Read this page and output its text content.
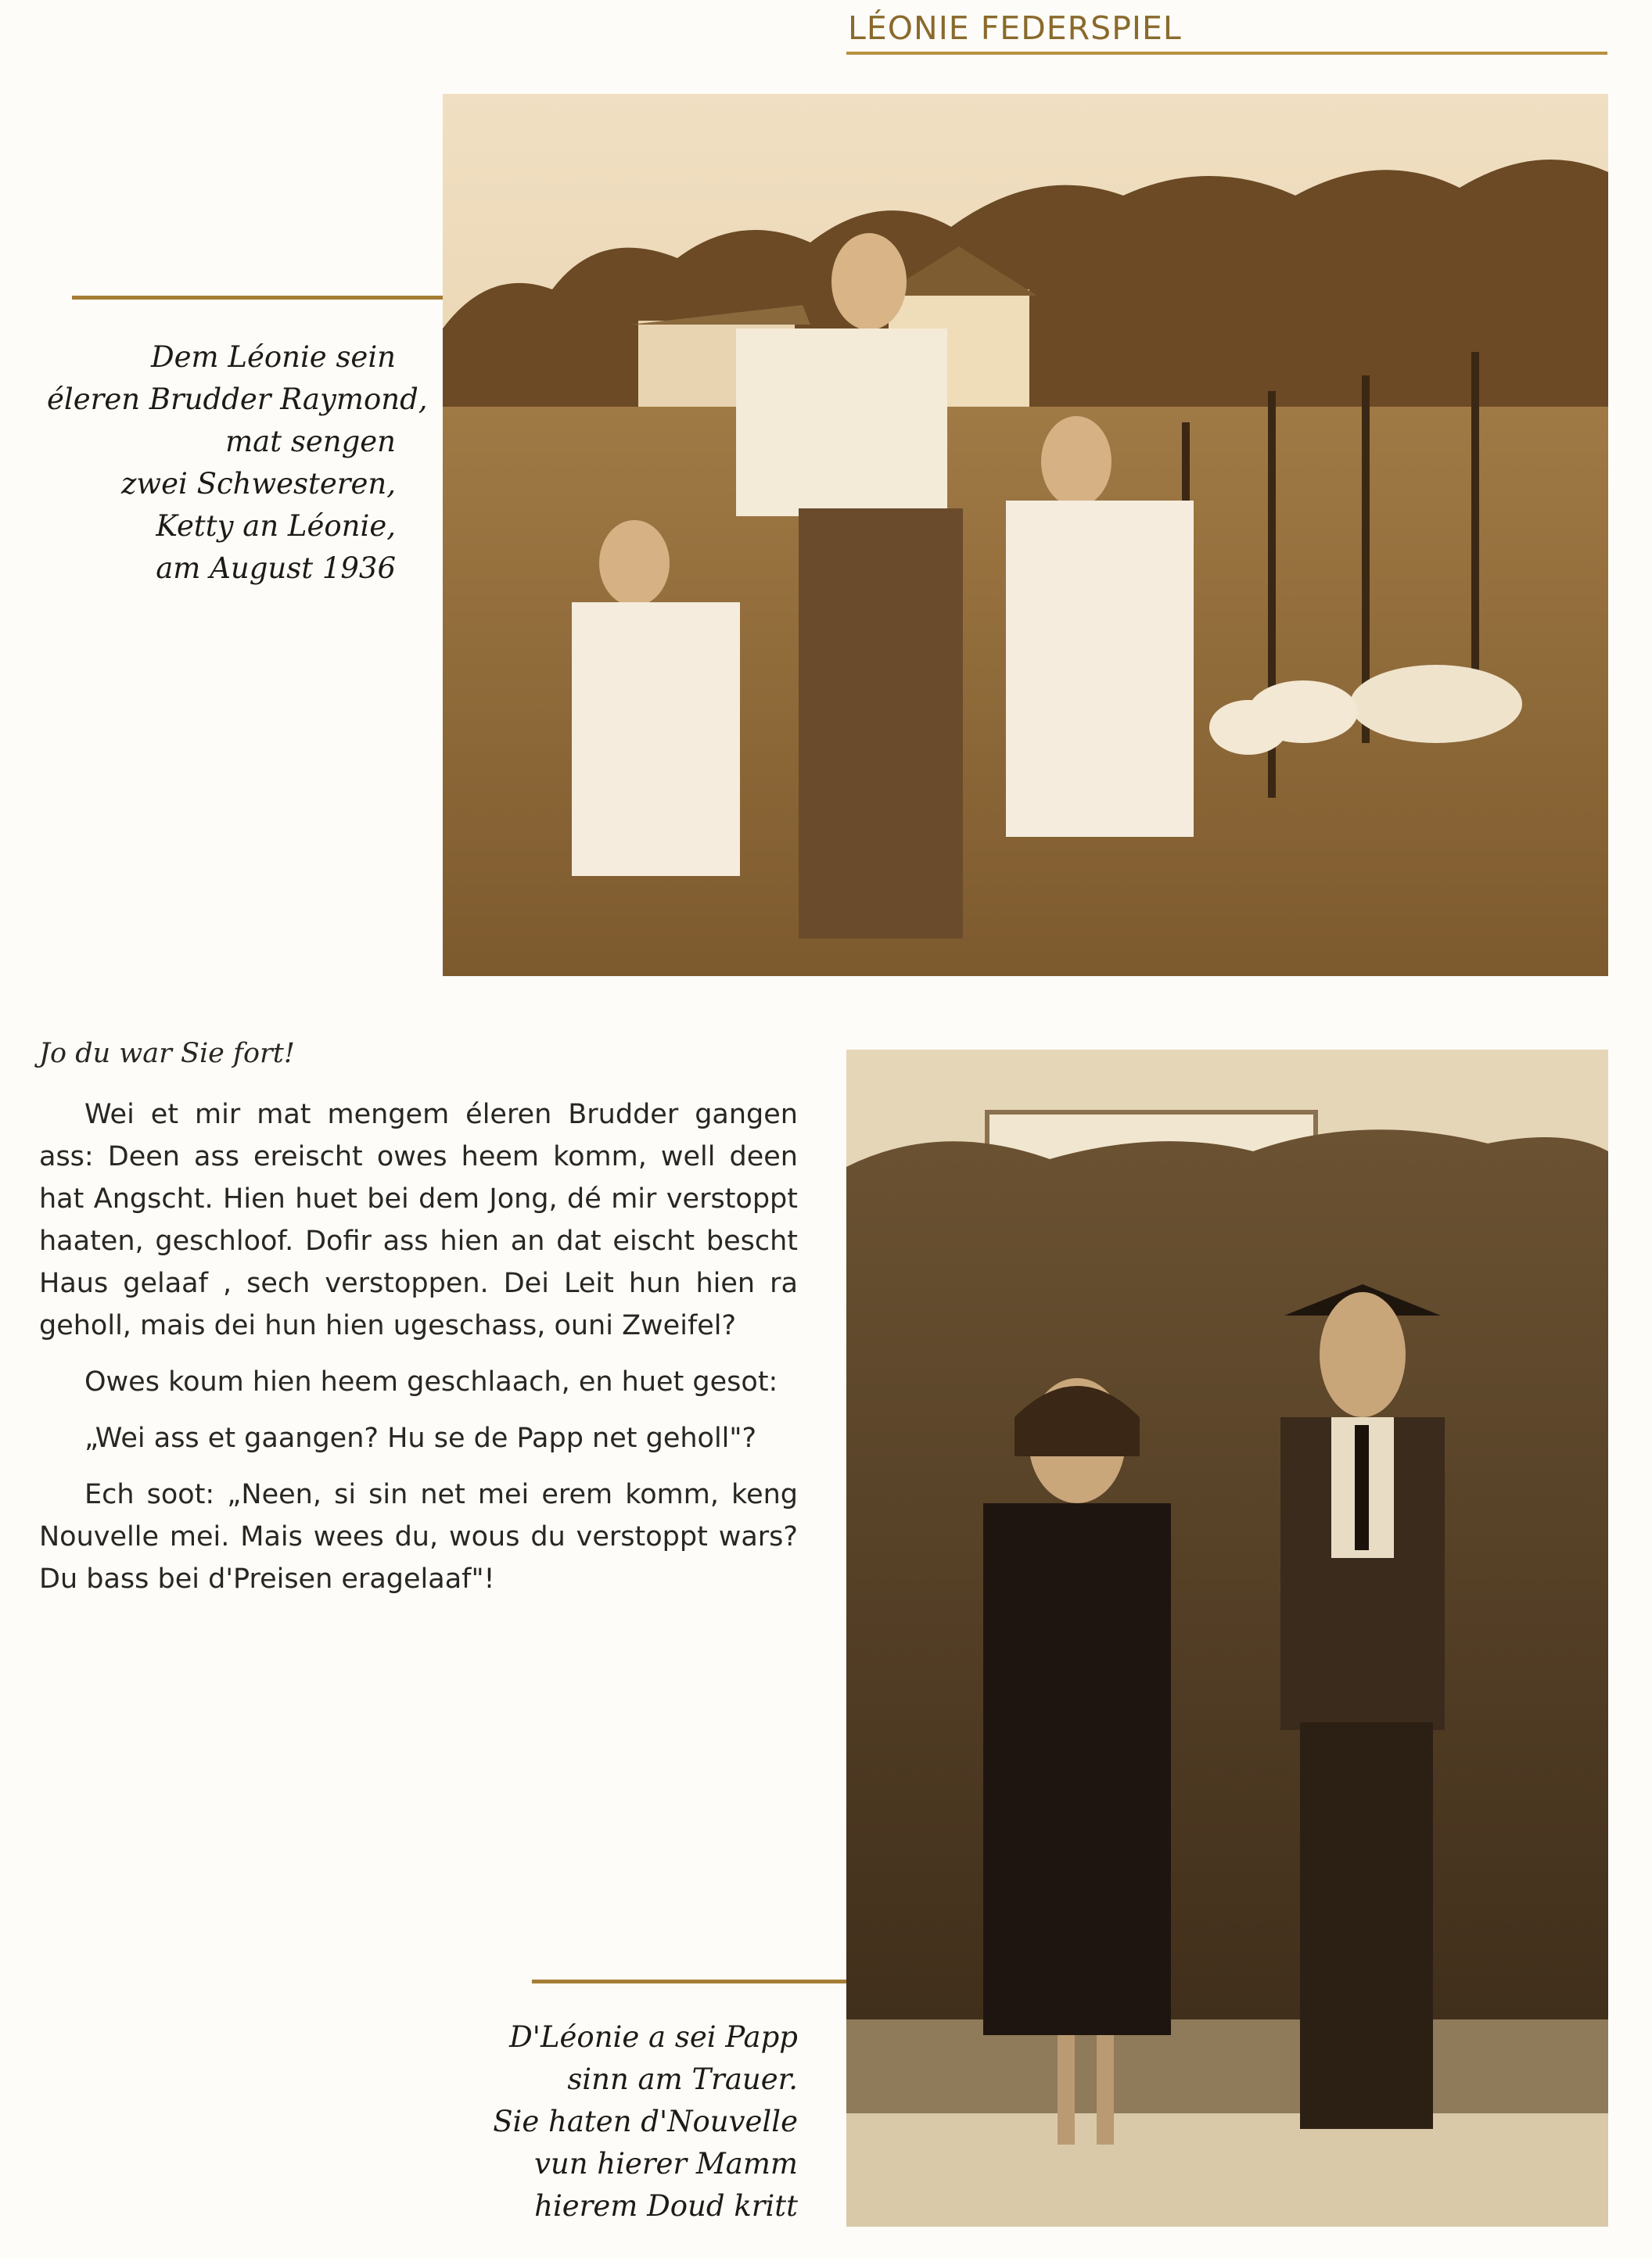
LÉONIE FEDERSPIEL
Dem Léonie sein
éleren Brudder Raymond,
mat sengen
zwei Schwesteren,
Ketty an Léonie,
am August 1936

Jo du war Sie fort!

Wei et mir mat mengem éleren Brudder gangen ass: Deen ass ereischt owes heem komm, well deen hat Angscht. Hien huet bei dem Jong, dé mir verstoppt haaten, geschloof. Dofir ass hien an dat eischt bescht Haus gelaaf , sech verstoppen. Dei Leit hun hien ra geholl, mais dei hun hien ugeschass, ouni Zweifel?

Owes koum hien heem geschlaach, en huet gesot:

„Wei ass et gaangen? Hu se de Papp net geholl"?

Ech soot: „Neen, si sin net mei erem komm, keng Nouvelle mei. Mais wees du, wous du verstoppt wars? Du bass bei d'Preisen eragelaaf"!

D'Léonie a sei Papp
sinn am Trauer.
Sie haten d'Nouvelle
vun hierer Mamm
hierem Doud kritt
